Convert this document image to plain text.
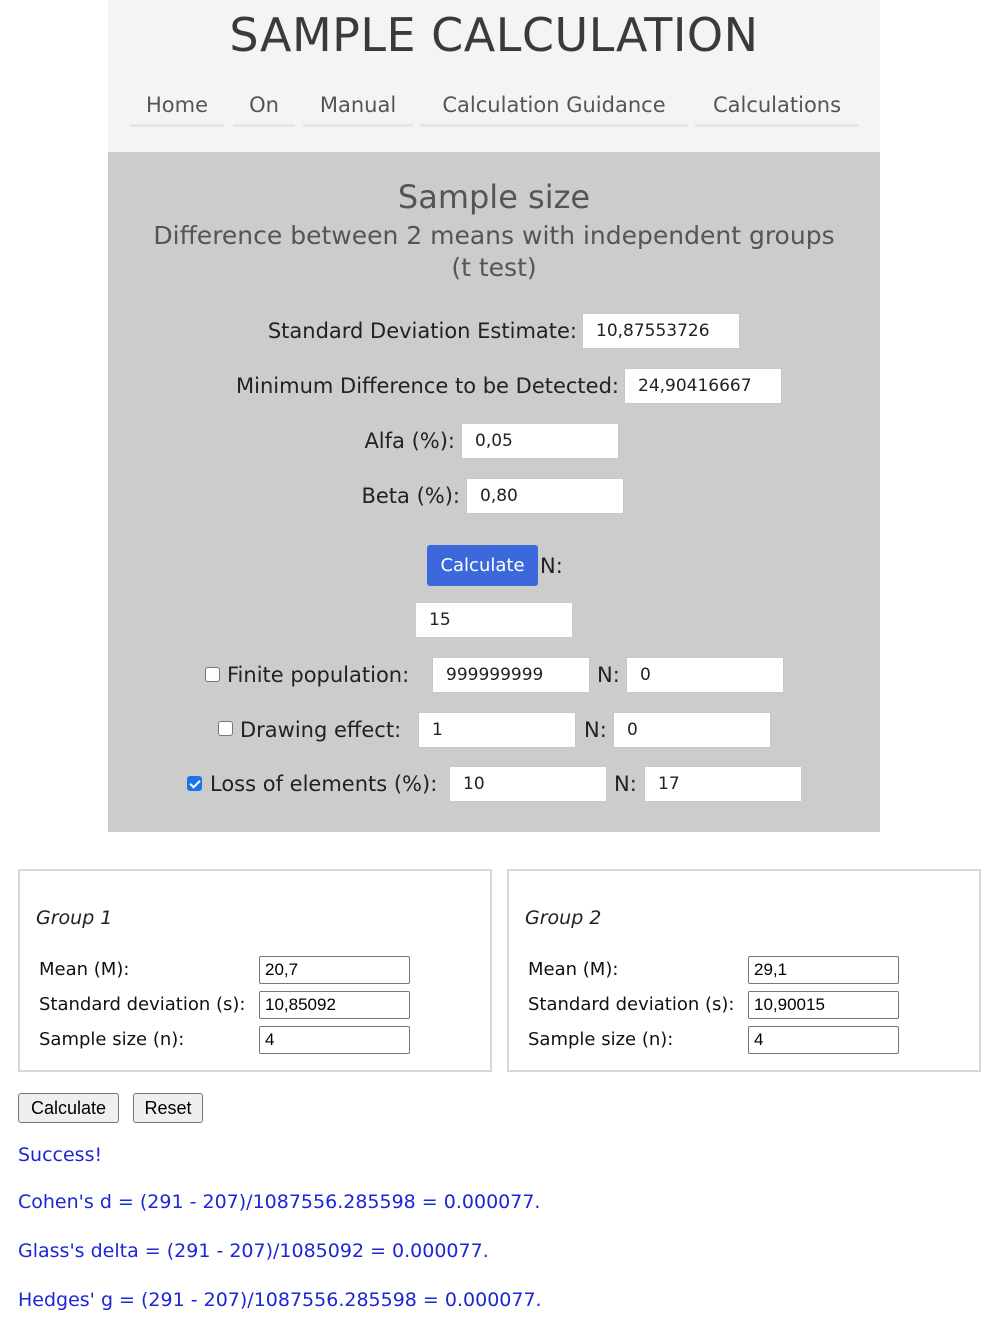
SAMPLE CALCULATION
Home	On	Manual	Calculation Guidance	Calculations
Sample size
Difference between 2 means with independent groups
(t test)
Standard Deviation Estimate:	10,87553726
Minimum Difference to be Detected:	24,90416667
Alfa (%):	0,05
Beta (%):	0,80
Calculate N:
15
Finite population:	999999999	N:	0
Drawing effect:	1	N:	0
Loss of elements (%):	10	N:	17
Group 1
Mean (M):	20,7
Standard deviation (s):	10,85092
Sample size (n):	4
Group 2
Mean (M):	29,1
Standard deviation (s):	10,90015
Sample size (n):	4
Calculate	Reset
Success!
Cohen's d = (291 - 207)/1087556.285598 = 0.000077.
Glass's delta = (291 - 207)/1085092 = 0.000077.
Hedges' g = (291 - 207)/1087556.285598 = 0.000077.
